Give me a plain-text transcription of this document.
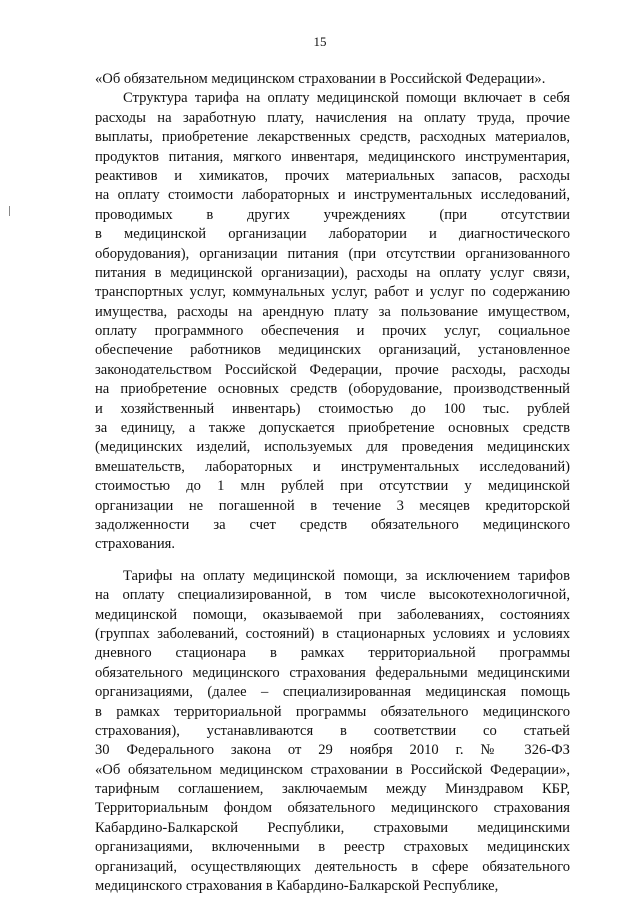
15
«Об обязательном медицинском страховании в Российской Федерации».
Структура тарифа на оплату медицинской помощи включает в себя
расходы на заработную плату, начисления на оплату труда, прочие
выплаты, приобретение лекарственных средств, расходных материалов,
продуктов питания, мягкого инвентаря, медицинского инструментария,
реактивов и химикатов, прочих материальных запасов, расходы
на оплату стоимости лабораторных и инструментальных исследований,
проводимых в других учреждениях (при отсутствии
в медицинской организации лаборатории и диагностического
оборудования), организации питания (при отсутствии организованного
питания в медицинской организации), расходы на оплату услуг связи,
транспортных услуг, коммунальных услуг, работ и услуг по содержанию
имущества, расходы на арендную плату за пользование имуществом,
оплату программного обеспечения и прочих услуг, социальное
обеспечение работников медицинских организаций, установленное
законодательством Российской Федерации, прочие расходы, расходы
на приобретение основных средств (оборудование, производственный
и хозяйственный инвентарь) стоимостью до 100 тыс. рублей
за единицу, а также допускается приобретение основных средств
(медицинских изделий, используемых для проведения медицинских
вмешательств, лабораторных и инструментальных исследований)
стоимостью до 1 млн рублей при отсутствии у медицинской
организации не погашенной в течение 3 месяцев кредиторской
задолженности за счет средств обязательного медицинского
страхования.
Тарифы на оплату медицинской помощи, за исключением тарифов
на оплату специализированной, в том числе высокотехнологичной,
медицинской помощи, оказываемой при заболеваниях, состояниях
(группах заболеваний, состояний) в стационарных условиях и условиях
дневного стационара в рамках территориальной программы
обязательного медицинского страхования федеральными медицинскими
организациями, (далее – специализированная медицинская помощь
в рамках территориальной программы обязательного медицинского
страхования), устанавливаются в соответствии со статьей
30 Федерального закона от 29 ноября 2010 г. № 326-ФЗ
«Об обязательном медицинском страховании в Российской Федерации»,
тарифным соглашением, заключаемым между Минздравом КБР,
Территориальным фондом обязательного медицинского страхования
Кабардино-Балкарской Республики, страховыми медицинскими
организациями, включенными в реестр страховых медицинских
организаций, осуществляющих деятельность в сфере обязательного
медицинского страхования в Кабардино-Балкарской Республике,
